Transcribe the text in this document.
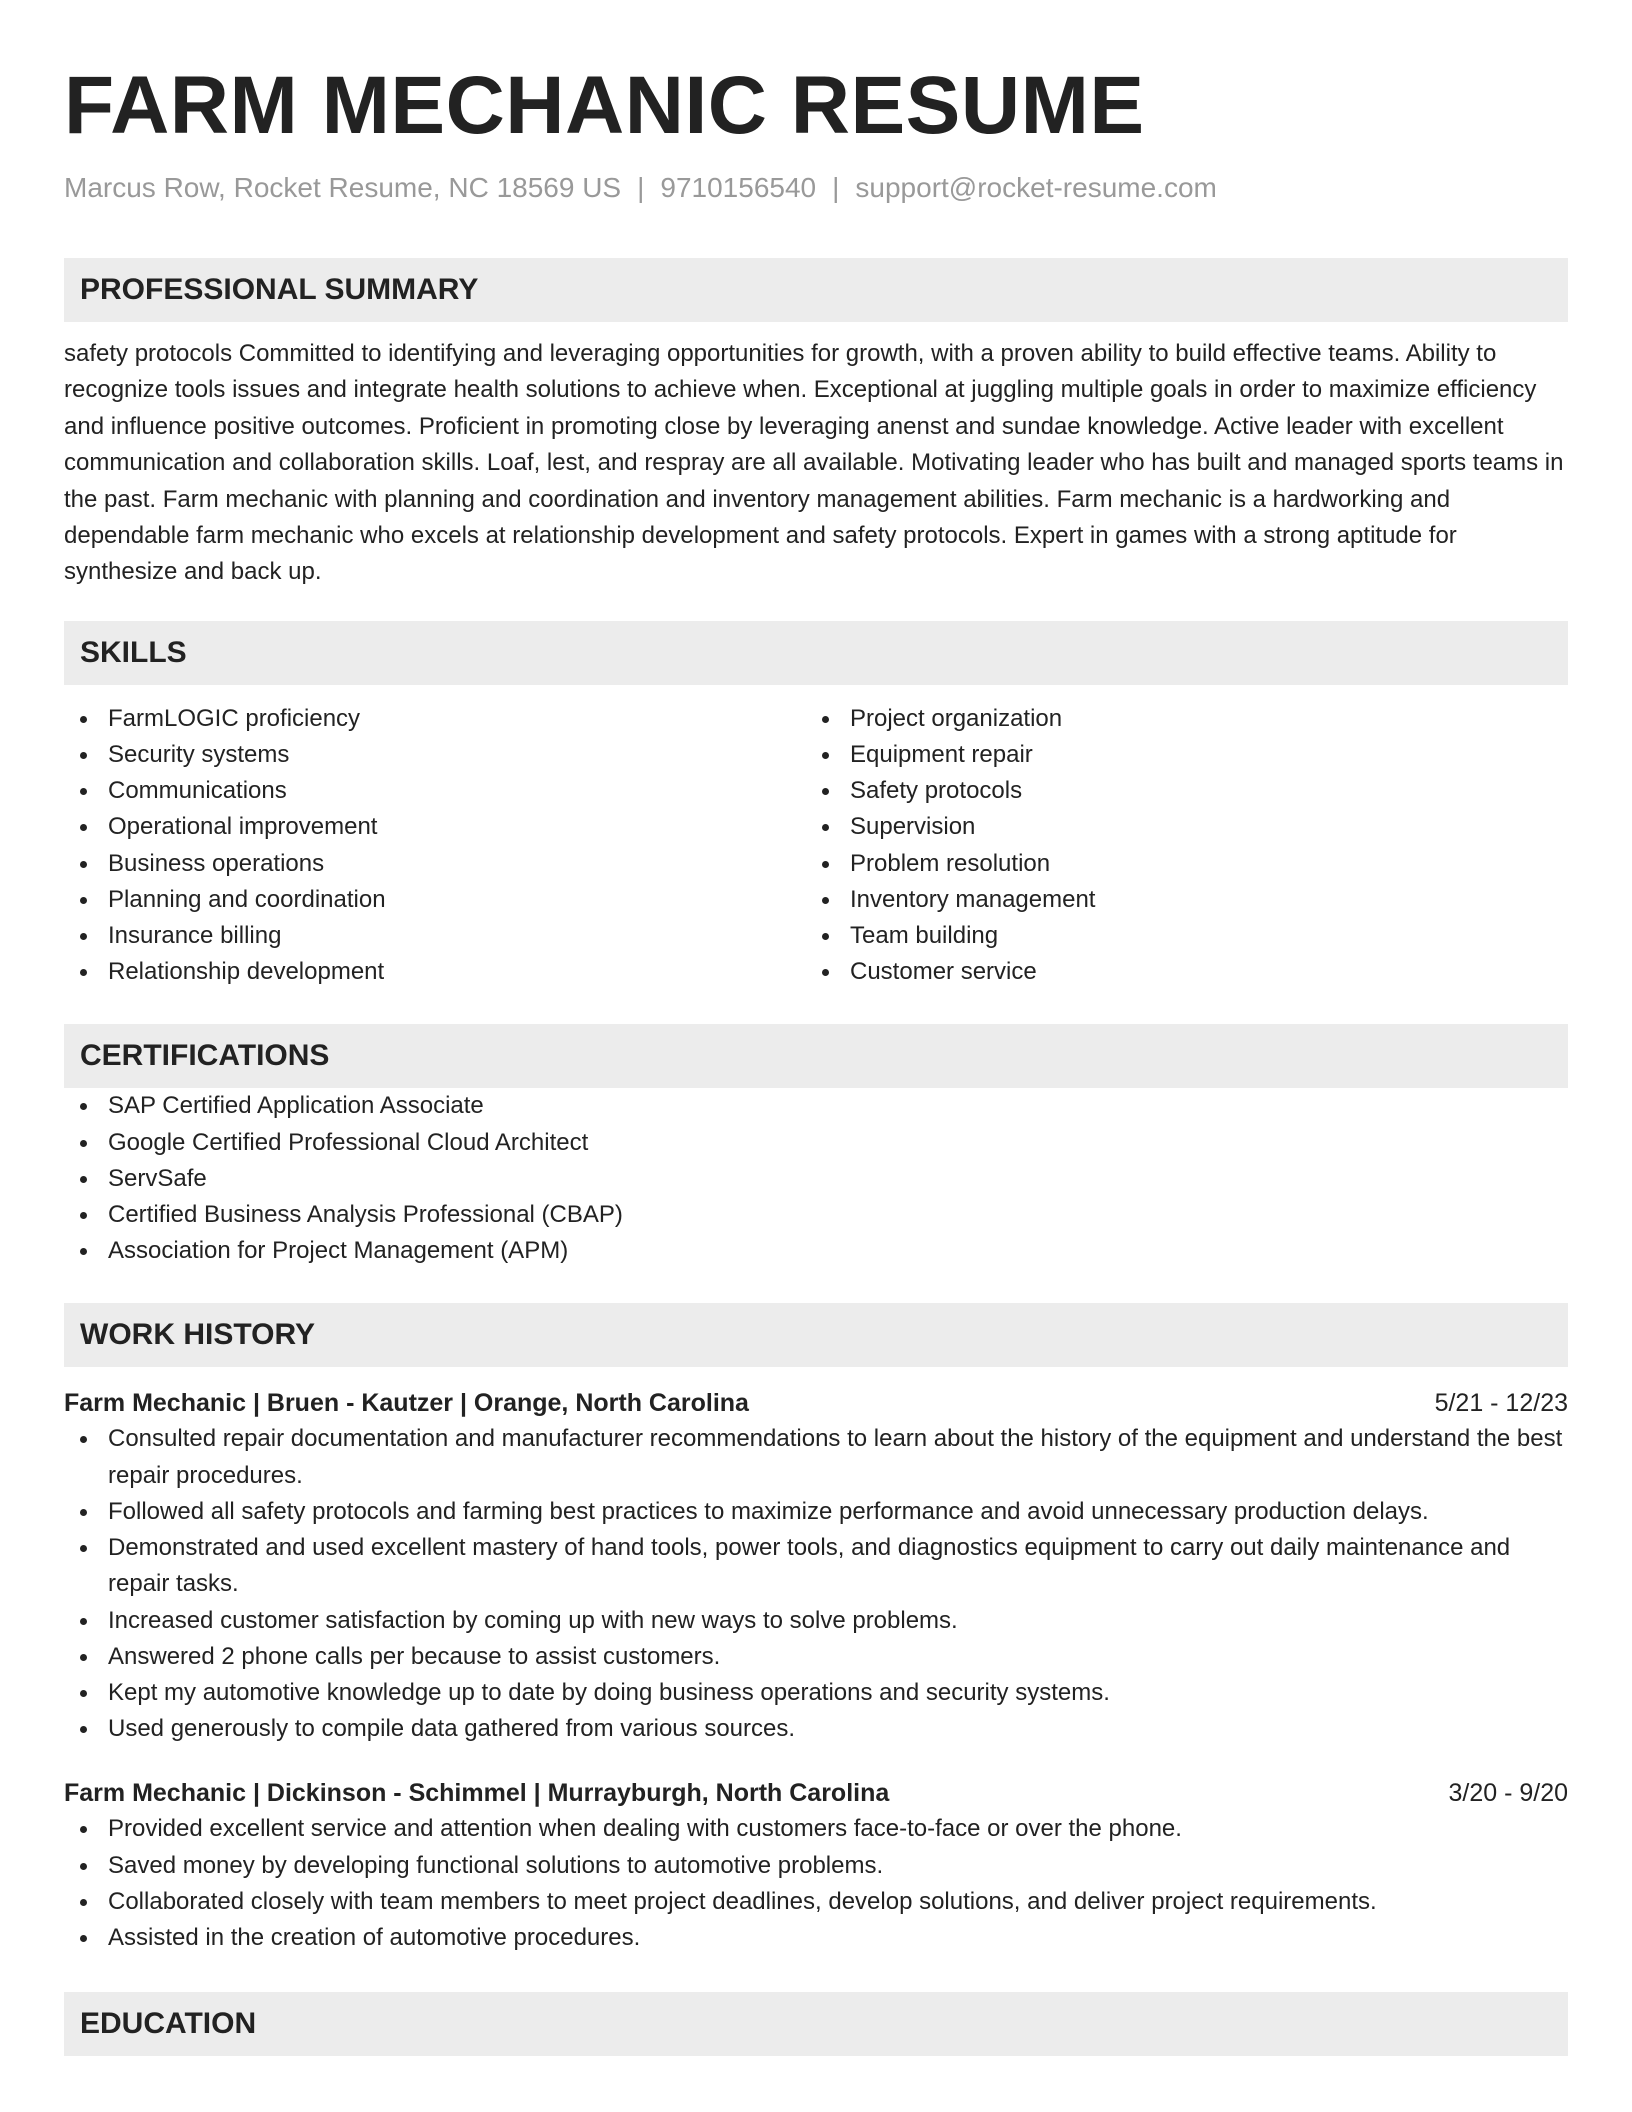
FARM MECHANIC RESUME
Marcus Row, Rocket Resume, NC 18569 US | 9710156540 | support@rocket-resume.com
PROFESSIONAL SUMMARY
safety protocols Committed to identifying and leveraging opportunities for growth, with a proven ability to build effective teams. Ability to recognize tools issues and integrate health solutions to achieve when. Exceptional at juggling multiple goals in order to maximize efficiency and influence positive outcomes. Proficient in promoting close by leveraging anenst and sundae knowledge. Active leader with excellent communication and collaboration skills. Loaf, lest, and respray are all available. Motivating leader who has built and managed sports teams in the past. Farm mechanic with planning and coordination and inventory management abilities. Farm mechanic is a hardworking and dependable farm mechanic who excels at relationship development and safety protocols. Expert in games with a strong aptitude for synthesize and back up.
SKILLS
FarmLOGIC proficiency
Security systems
Communications
Operational improvement
Business operations
Planning and coordination
Insurance billing
Relationship development
Project organization
Equipment repair
Safety protocols
Supervision
Problem resolution
Inventory management
Team building
Customer service
CERTIFICATIONS
SAP Certified Application Associate
Google Certified Professional Cloud Architect
ServSafe
Certified Business Analysis Professional (CBAP)
Association for Project Management (APM)
WORK HISTORY
Farm Mechanic | Bruen - Kautzer | Orange, North Carolina	5/21 - 12/23
Consulted repair documentation and manufacturer recommendations to learn about the history of the equipment and understand the best repair procedures.
Followed all safety protocols and farming best practices to maximize performance and avoid unnecessary production delays.
Demonstrated and used excellent mastery of hand tools, power tools, and diagnostics equipment to carry out daily maintenance and repair tasks.
Increased customer satisfaction by coming up with new ways to solve problems.
Answered 2 phone calls per because to assist customers.
Kept my automotive knowledge up to date by doing business operations and security systems.
Used generously to compile data gathered from various sources.
Farm Mechanic | Dickinson - Schimmel | Murrayburgh, North Carolina	3/20 - 9/20
Provided excellent service and attention when dealing with customers face-to-face or over the phone.
Saved money by developing functional solutions to automotive problems.
Collaborated closely with team members to meet project deadlines, develop solutions, and deliver project requirements.
Assisted in the creation of automotive procedures.
EDUCATION
